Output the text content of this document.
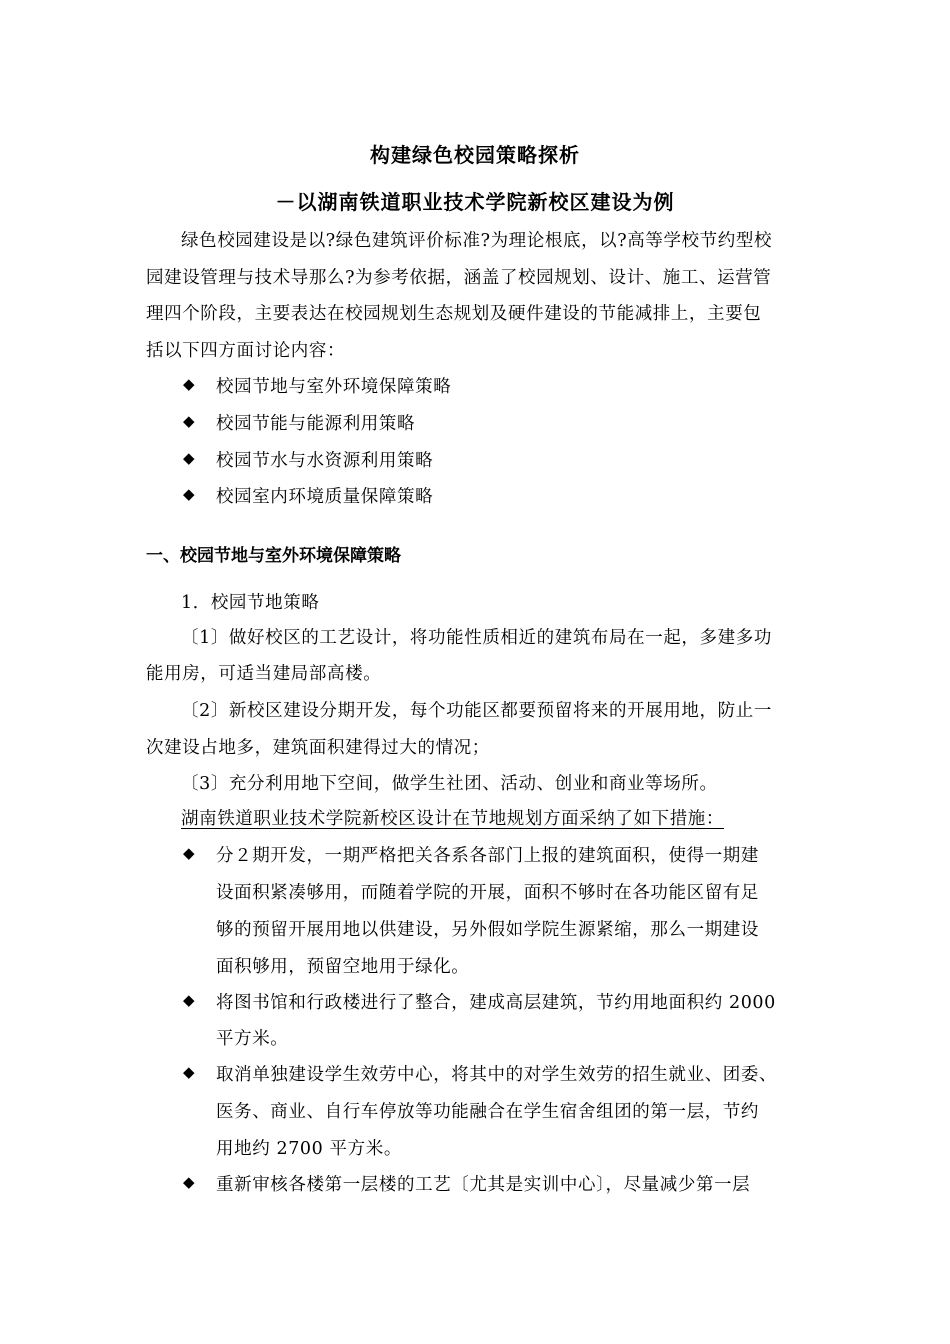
构建绿色校园策略探析
－以湖南铁道职业技术学院新校区建设为例
绿色校园建设是以?绿色建筑评价标准?为理论根底，以?高等学校节约型校
园建设管理与技术导那么?为参考依据，涵盖了校园规划、设计、施工、运营管
理四个阶段，主要表达在校园规划生态规划及硬件建设的节能减排上，主要包
括以下四方面讨论内容：
◆ 校园节地与室外环境保障策略
◆ 校园节能与能源利用策略
◆ 校园节水与水资源利用策略
◆ 校园室内环境质量保障策略
一、校园节地与室外环境保障策略
1．校园节地策略
〔1〕做好校区的工艺设计，将功能性质相近的建筑布局在一起，多建多功
能用房，可适当建局部高楼。
〔2〕新校区建设分期开发，每个功能区都要预留将来的开展用地，防止一
次建设占地多，建筑面积建得过大的情况；
〔3〕充分利用地下空间，做学生社团、活动、创业和商业等场所。
湖南铁道职业技术学院新校区设计在节地规划方面采纳了如下措施：
◆ 分２期开发，一期严格把关各系各部门上报的建筑面积，使得一期建
设面积紧凑够用，而随着学院的开展，面积不够时在各功能区留有足
够的预留开展用地以供建设，另外假如学院生源紧缩，那么一期建设
面积够用，预留空地用于绿化。
◆ 将图书馆和行政楼进行了整合，建成高层建筑，节约用地面积约 2000
平方米。
◆ 取消单独建设学生效劳中心，将其中的对学生效劳的招生就业、团委、
医务、商业、自行车停放等功能融合在学生宿舍组团的第一层，节约
用地约 2700 平方米。
◆ 重新审核各楼第一层楼的工艺〔尤其是实训中心〕，尽量减少第一层
